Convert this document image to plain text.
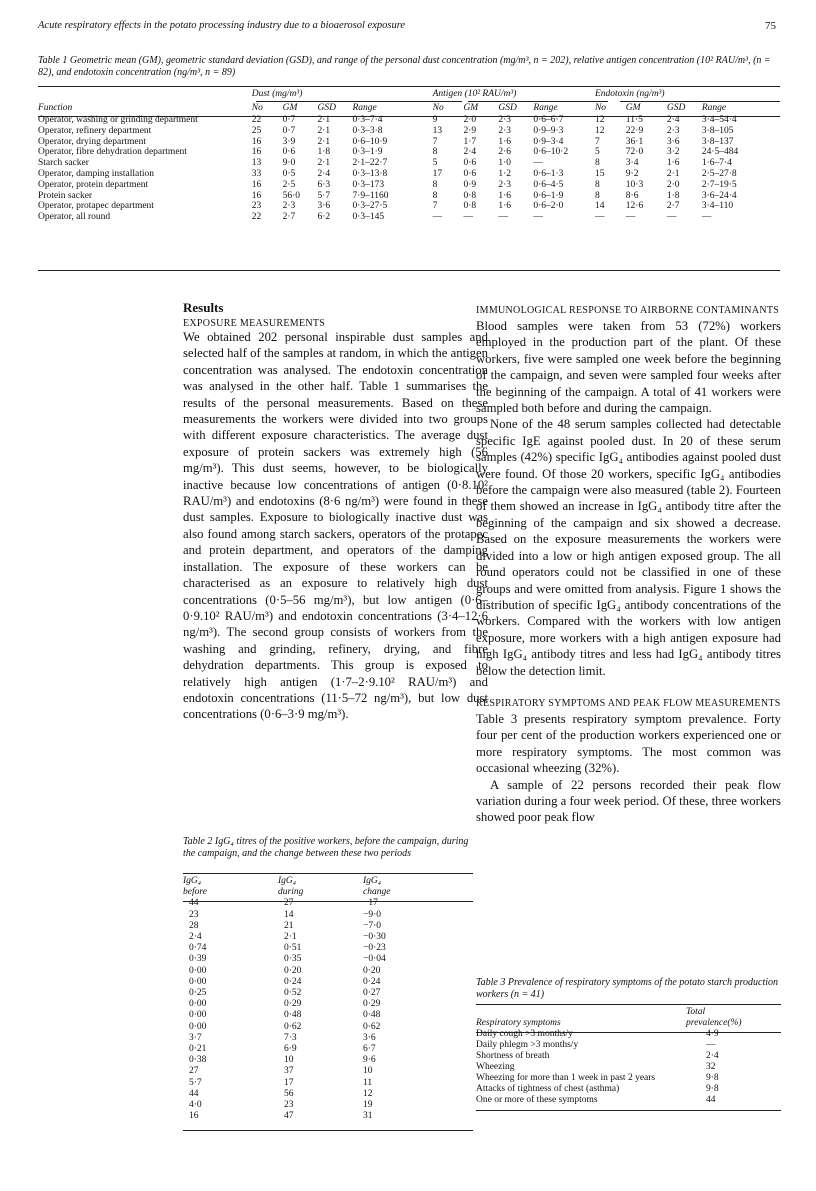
Acute respiratory effects in the potato processing industry due to a bioaerosol exposure	75
Table 1 Geometric mean (GM), geometric standard deviation (GSD), and range of the personal dust concentration (mg/m³, n = 202), relative antigen concentration (10² RAU/m³, (n = 82), and endotoxin concentration (ng/m³, n = 89)
	Dust (mg/m³)				Antigen (10² RAU/m³)				Endotoxin (ng/m³)			
Function	No	GM	GSD	Range	No	GM	GSD	Range	No	GM	GSD	Range
Operator, washing or grinding department	22	0·7	2·1	0·3–7·4	9	2·0	2·3	0·6–6·7	12	11·5	2·4	3·4–54·4
Operator, refinery department	25	0·7	2·1	0·3–3·8	13	2·9	2·3	0·9–9·3	12	22·9	2·3	3·8–105
Operator, drying department	16	3·9	2·1	0·6–10·9	7	1·7	1·6	0·9–3·4	7	36·1	3·6	3·8–137
Operator, fibre dehydration department	16	0·6	1·8	0·3–1·9	8	2·4	2·6	0·6–10·2	5	72·0	3·2	24·5–484
Starch sacker	13	9·0	2·1	2·1–22·7	5	0·6	1·0	—	8	3·4	1·6	1·6–7·4
Operator, damping installation	33	0·5	2·4	0·3–13·8	17	0·6	1·2	0·6–1·3	15	9·2	2·1	2·5–27·8
Operator, protein department	16	2·5	6·3	0·3–173	8	0·9	2·3	0·6–4·5	8	10·3	2·0	2·7–19·5
Protein sacker	16	56·0	5·7	7·9–1160	8	0·8	1·6	0·6–1·9	8	8·6	1·8	3·6–24·4
Operator, protapec department	23	2·3	3·6	0·3–27·5	7	0·8	1·6	0·6–2·0	14	12·6	2·7	3·4–110
Operator, all round	22	2·7	6·2	0·3–145	—	—	—	—	—	—	—	—
Results
EXPOSURE MEASUREMENTS

We obtained 202 personal inspirable dust samples and selected half of the samples at random, in which the antigen concentration was analysed. The endotoxin concentration was analysed in the other half. Table 1 summarises the results of the personal measurements. Based on these measurements the workers were divided into two groups with different exposure characteristics. The average dust exposure of protein sackers was extremely high (56 mg/m³). This dust seems, however, to be biologically inactive because low concentrations of antigen (0·8.10² RAU/m³) and endotoxins (8·6 ng/m³) were found in these dust samples. Exposure to biologically inactive dust was also found among starch sackers, operators of the protapec and protein department, and operators of the damping installation. The exposure of these workers can be characterised as an exposure to relatively high dust concentrations (0·5–56 mg/m³), but low antigen (0·6–0·9.10² RAU/m³) and endotoxin concentrations (3·4–12·6 ng/m³). The second group consists of workers from the washing and grinding, refinery, drying, and fibre dehydration departments. This group is exposed to relatively high antigen (1·7–2·9.10² RAU/m³) and endotoxin concentrations (11·5–72 ng/m³), but low dust concentrations (0·6–3·9 mg/m³).

Table 2 IgG₄ titres of the positive workers, before the campaign, during the campaign, and the change between these two periods
IgG₄	IgG₄	IgG₄
before	during	change
44	27	−17
23	14	−9·0
28	21	−7·0
2·4	2·1	−0·30
0·74	0·51	−0·23
0·39	0·35	−0·04
0·00	0·20	0·20
0·00	0·24	0·24
0·25	0·52	0·27
0·00	0·29	0·29
0·00	0·48	0·48
0·00	0·62	0·62
3·7	7·3	3·6
0·21	6·9	6·7
0·38	10	9·6
27	37	10
5·7	17	11
44	56	12
4·0	23	19
16	47	31
IMMUNOLOGICAL RESPONSE TO AIRBORNE CONTAMINANTS

Blood samples were taken from 53 (72%) workers employed in the production part of the plant. Of these workers, five were sampled one week before the beginning of the campaign, and seven were sampled four weeks after the beginning of the campaign. A total of 41 workers were sampled both before and during the campaign.

None of the 48 serum samples collected had detectable specific IgE against pooled dust. In 20 of these serum samples (42%) specific IgG₄ antibodies against pooled dust were found. Of those 20 workers, specific IgG₄ antibodies before the campaign were also measured (table 2). Fourteen of them showed an increase in IgG₄ antibody titre after the beginning of the campaign and six showed a decrease. Based on the exposure measurements the workers were divided into a low or high antigen exposed group. The all round operators could not be classified in one of these groups and were omitted from analysis. Figure 1 shows the distribution of specific IgG₄ antibody concentrations of the workers. Compared with the workers with low antigen exposure, more workers with a high antigen exposure had high IgG₄ antibody titres and less had IgG₄ antibody titres below the detection limit.

RESPIRATORY SYMPTOMS AND PEAK FLOW MEASUREMENTS

Table 3 presents respiratory symptom prevalence. Forty four per cent of the production workers experienced one or more respiratory symptoms. The most common was occasional wheezing (32%).

A sample of 22 persons recorded their peak flow variation during a four week period. Of these, three workers showed poor peak flow

Table 3 Prevalence of respiratory symptoms of the potato starch production workers (n = 41)
	Total
Respiratory symptoms	prevalence(%)
Daily cough >3 months/y	4·9
Daily phlegm >3 months/y	—
Shortness of breath	2·4
Wheezing	32
Wheezing for more than 1 week in past 2 years	9·8
Attacks of tightness of chest (asthma)	9·8
One or more of these symptoms	44
